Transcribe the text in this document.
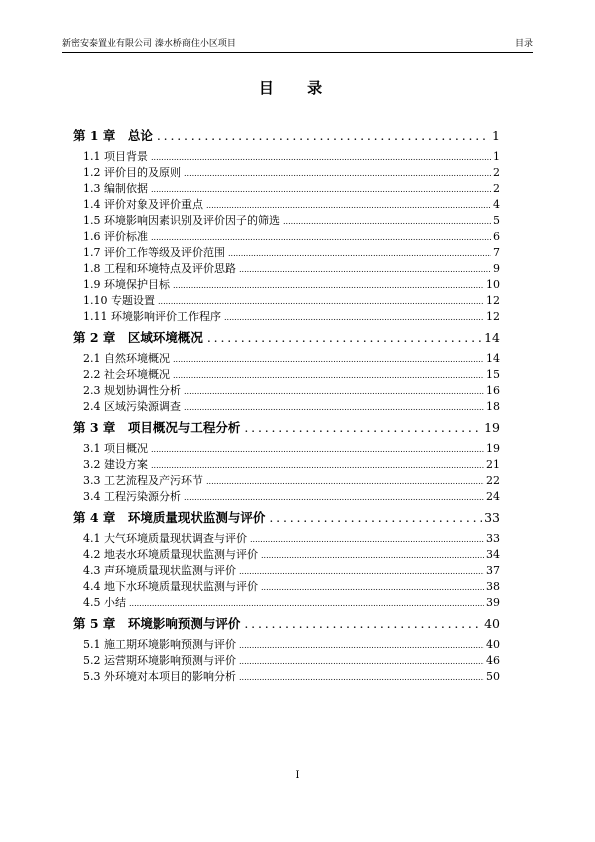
新密安泰置业有限公司 溱水桥商住小区项目	目录
目 录
第 1 章　总论 .....	1
1.1 项目背景 .....	1
1.2 评价目的及原则 .....	2
1.3 编制依据 .....	2
1.4 评价对象及评价重点 .....	4
1.5 环境影响因素识别及评价因子的筛选 .....	5
1.6 评价标准 .....	6
1.7 评价工作等级及评价范围 .....	7
1.8 工程和环境特点及评价思路 .....	9
1.9 环境保护目标 .....	10
1.10 专题设置 .....	12
1.11 环境影响评价工作程序 .....	12
第 2 章　区域环境概况 .....	14
2.1 自然环境概况 .....	14
2.2 社会环境概况 .....	15
2.3 规划协调性分析 .....	16
2.4 区域污染源调查 .....	18
第 3 章　项目概况与工程分析 .....	19
3.1 项目概况 .....	19
3.2 建设方案 .....	21
3.3 工艺流程及产污环节 .....	22
3.4 工程污染源分析 .....	24
第 4 章　环境质量现状监测与评价 .....	33
4.1 大气环境质量现状调查与评价 .....	33
4.2 地表水环境质量现状监测与评价 .....	34
4.3 声环境质量现状监测与评价 .....	37
4.4 地下水环境质量现状监测与评价 .....	38
4.5 小结 .....	39
第 5 章　环境影响预测与评价 .....	40
5.1 施工期环境影响预测与评价 .....	40
5.2 运营期环境影响预测与评价 .....	46
5.3 外环境对本项目的影响分析 .....	50
I
